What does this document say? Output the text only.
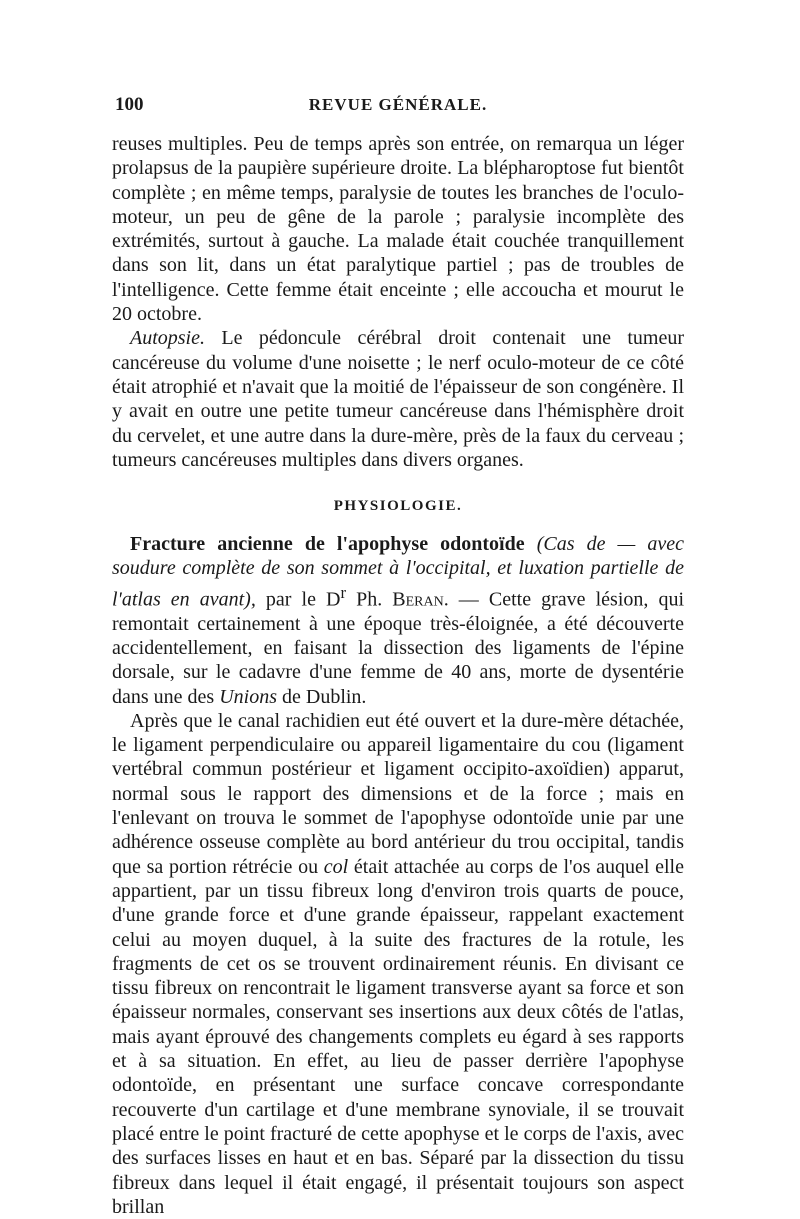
100	REVUE GÉNÉRALE.

reuses multiples. Peu de temps après son entrée, on remarqua un léger prolapsus de la paupière supérieure droite. La blépharoptose fut bientôt complète ; en même temps, paralysie de toutes les branches de l'oculo-moteur, un peu de gêne de la parole ; paralysie incomplète des extrémités, surtout à gauche. La malade était couchée tranquillement dans son lit, dans un état paralytique partiel ; pas de troubles de l'intelligence. Cette femme était enceinte ; elle accoucha et mourut le 20 octobre.

Autopsie. Le pédoncule cérébral droit contenait une tumeur cancéreuse du volume d'une noisette ; le nerf oculo-moteur de ce côté était atrophié et n'avait que la moitié de l'épaisseur de son congénère. Il y avait en outre une petite tumeur cancéreuse dans l'hémisphère droit du cervelet, et une autre dans la dure-mère, près de la faux du cerveau ; tumeurs cancéreuses multiples dans divers organes.

PHYSIOLOGIE.

Fracture ancienne de l'apophyse odontoïde (Cas de — avec soudure complète de son sommet à l'occipital, et luxation partielle de l'atlas en avant), par le $D^r$ Ph. Beran. — Cette grave lésion, qui remontait certainement à une époque très-éloignée, a été découverte accidentellement, en faisant la dissection des ligaments de l'épine dorsale, sur le cadavre d'une femme de 40 ans, morte de dysentérie dans une des Unions de Dublin.

Après que le canal rachidien eut été ouvert et la dure-mère détachée, le ligament perpendiculaire ou appareil ligamentaire du cou (ligament vertébral commun postérieur et ligament occipito-axoïdien) apparut, normal sous le rapport des dimensions et de la force ; mais en l'enlevant on trouva le sommet de l'apophyse odontoïde unie par une adhérence osseuse complète au bord antérieur du trou occipital, tandis que sa portion rétrécie ou col était attachée au corps de l'os auquel elle appartient, par un tissu fibreux long d'environ trois quarts de pouce, d'une grande force et d'une grande épaisseur, rappelant exactement celui au moyen duquel, à la suite des fractures de la rotule, les fragments de cet os se trouvent ordinairement réunis. En divisant ce tissu fibreux on rencontrait le ligament transverse ayant sa force et son épaisseur normales, conservant ses insertions aux deux côtés de l'atlas, mais ayant éprouvé des changements complets eu égard à ses rapports et à sa situation. En effet, au lieu de passer derrière l'apophyse odontoïde, en présentant une surface concave correspondante recouverte d'un cartilage et d'une membrane synoviale, il se trouvait placé entre le point fracturé de cette apophyse et le corps de l'axis, avec des surfaces lisses en haut et en bas. Séparé par la dissection du tissu fibreux dans lequel il était engagé, il présentait toujours son aspect brillan
